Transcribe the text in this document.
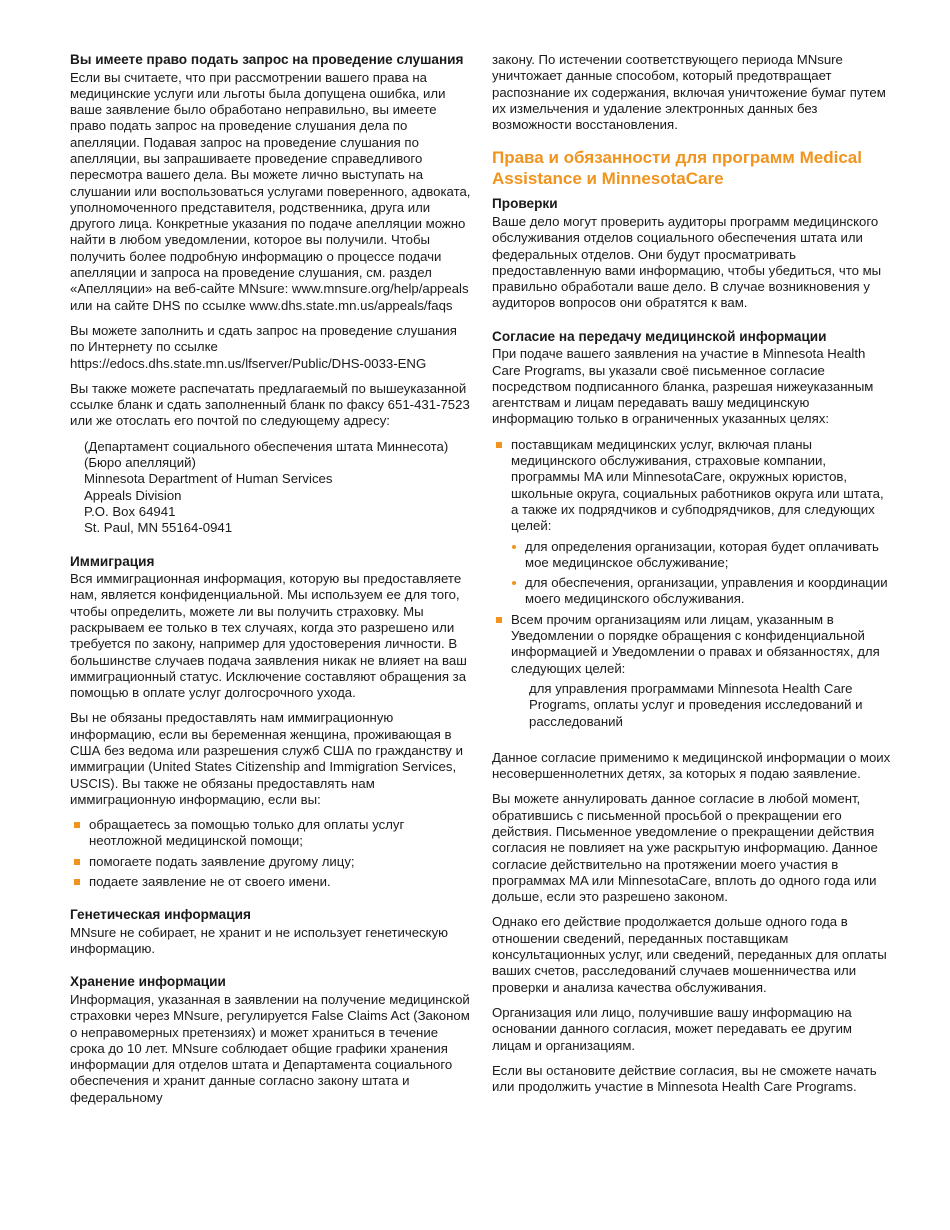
Вы имеете право подать запрос на проведение слушания

Если вы считаете, что при рассмотрении вашего права на медицинские услуги или льготы была допущена ошибка, или ваше заявление было обработано неправильно, вы имеете право подать запрос на проведение слушания дела по апелляции. Подавая запрос на проведение слушания по апелляции, вы запрашиваете проведение справедливого пересмотра вашего дела. Вы можете лично выступать на слушании или воспользоваться услугами поверенного, адвоката, уполномоченного представителя, родственника, друга или другого лица. Конкретные указания по подаче апелляции можно найти в любом уведомлении, которое вы получили. Чтобы получить более подробную информацию о процессе подачи апелляции и запроса на проведение слушания, см. раздел «Апелляции» на веб-сайте MNsure: www.mnsure.org/help/appeals или на сайте DHS по ссылке www.dhs.state.mn.us/appeals/faqs

Вы можете заполнить и сдать запрос на проведение слушания по Интернету по ссылке https://edocs.dhs.state.mn.us/lfserver/Public/DHS-0033-ENG

Вы также можете распечатать предлагаемый по вышеуказанной ссылке бланк и сдать заполненный бланк по факсу 651-431-7523 или же отослать его почтой по следующему адресу:

(Департамент социального обеспечения штата Миннесота)
(Бюро апелляций)
Minnesota Department of Human Services
Appeals Division
P.O. Box 64941
St. Paul, MN 55164-0941
Иммиграция

Вся иммиграционная информация, которую вы предоставляете нам, является конфиденциальной. Мы используем ее для того, чтобы определить, можете ли вы получить страховку. Мы раскрываем ее только в тех случаях, когда это разрешено или требуется по закону, например для удостоверения личности. В большинстве случаев подача заявления никак не влияет на ваш иммиграционный статус. Исключение составляют обращения за помощью в оплате услуг долгосрочного ухода.

Вы не обязаны предоставлять нам иммиграционную информацию, если вы беременная женщина, проживающая в США без ведома или разрешения служб США по гражданству и иммиграции (United States Citizenship and Immigration Services, USCIS). Вы также не обязаны предоставлять нам иммиграционную информацию, если вы:

обращаетесь за помощью только для оплаты услуг неотложной медицинской помощи;
помогаете подать заявление другому лицу;
подаете заявление не от своего имени.
Генетическая информация

MNsure не собирает, не хранит и не использует генетическую информацию.

Хранение информации

Информация, указанная в заявлении на получение медицинской страховки через MNsure, регулируется False Claims Act (Законом о неправомерных претензиях) и может храниться в течение срока до 10 лет. MNsure соблюдает общие графики хранения информации для отделов штата и Департамента социального обеспечения и хранит данные согласно закону штата и федеральному

закону. По истечении соответствующего периода MNsure уничтожает данные способом, который предотвращает распознание их содержания, включая уничтожение бумаг путем их измельчения и удаление электронных данных без возможности восстановления.

Права и обязанности для программ Medical Assistance и MinnesotaCare
Проверки

Ваше дело могут проверить аудиторы программ медицинского обслуживания отделов социального обеспечения штата или федеральных отделов. Они будут просматривать предоставленную вами информацию, чтобы убедиться, что мы правильно обработали ваше дело. В случае возникновения у аудиторов вопросов они обратятся к вам.

Согласие на передачу медицинской информации

При подаче вашего заявления на участие в Minnesota Health Care Programs, вы указали своё письменное согласие посредством подписанного бланка, разрешая нижеуказанным агентствам и лицам передавать вашу медицинскую информацию только в ограниченных указанных целях:

поставщикам медицинских услуг, включая планы медицинского обслуживания, страховые компании, программы MA или MinnesotaCare, окружных юристов, школьные округа, социальных работников округа или штата, а также их подрядчиков и субподрядчиков, для следующих целей:
для определения организации, которая будет оплачивать мое медицинское обслуживание;
для обеспечения, организации, управления и координации моего медицинского обслуживания.
Всем прочим организациям или лицам, указанным в Уведомлении о порядке обращения с конфиденциальной информацией и Уведомлении о правах и обязанностях, для следующих целей:
для управления программами Minnesota Health Care Programs, оплаты услуг и проведения исследований и расследований

Данное согласие применимо к медицинской информации о моих несовершеннолетних детях, за которых я подаю заявление.

Вы можете аннулировать данное согласие в любой момент, обратившись с письменной просьбой о прекращении его действия. Письменное уведомление о прекращении действия согласия не повлияет на уже раскрытую информацию. Данное согласие действительно на протяжении моего участия в программах MA или MinnesotaCare, вплоть до одного года или дольше, если это разрешено законом.

Однако его действие продолжается дольше одного года в отношении сведений, переданных поставщикам консультационных услуг, или сведений, переданных для оплаты ваших счетов, расследований случаев мошенничества или проверки и анализа качества обслуживания.

Организация или лицо, получившие вашу информацию на основании данного согласия, может передавать ее другим лицам и организациям.

Если вы остановите действие согласия, вы не сможете начать или продолжить участие в Minnesota Health Care Programs.
